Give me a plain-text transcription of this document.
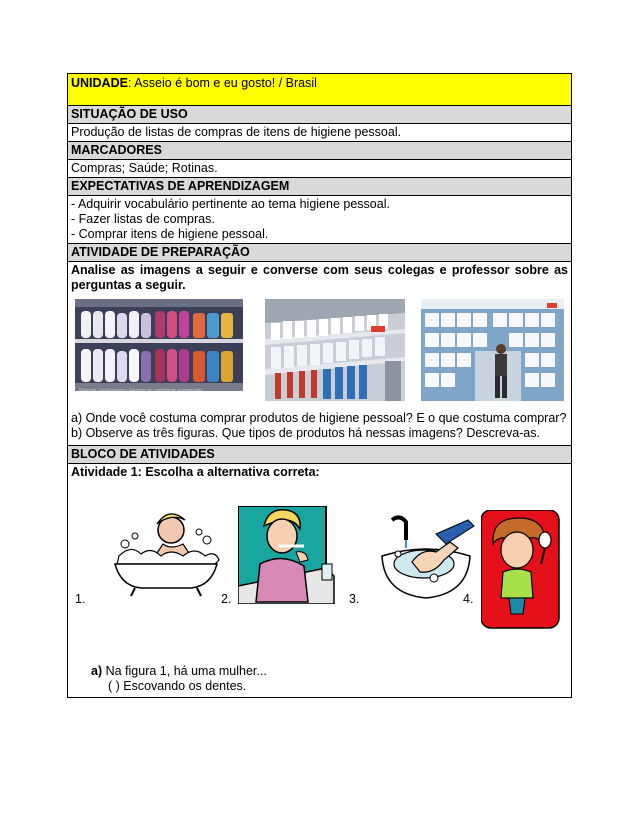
UNIDADE: Asseio é bom e eu gosto! / Brasil
SITUAÇÃO DE USO
Produção de listas de compras de itens de higiene pessoal.
MARCADORES
Compras; Saúde; Rotinas.
EXPECTATIVAS DE APRENDIZAGEM
- Adquirir vocabulário pertinente ao tema higiene pessoal.
- Fazer listas de compras.
- Comprar itens de higiene pessoal.
ATIVIDADE DE PREPARAÇÃO
Analise as imagens a seguir e converse com seus colegas e professor sobre as perguntas a seguir.
Shampoo, Condicionador e Sabonete em prateleira de supermercado
a) Onde você costuma comprar produtos de higiene pessoal? E o que costuma comprar?
b) Observe as três figuras. Que tipos de produtos há nessas imagens? Descreva-as.
BLOCO DE ATIVIDADES
Atividade 1: Escolha a alternativa correta:
1.	2.	3.	4.
a) Na figura 1, há uma mulher...
( ) Escovando os dentes.
